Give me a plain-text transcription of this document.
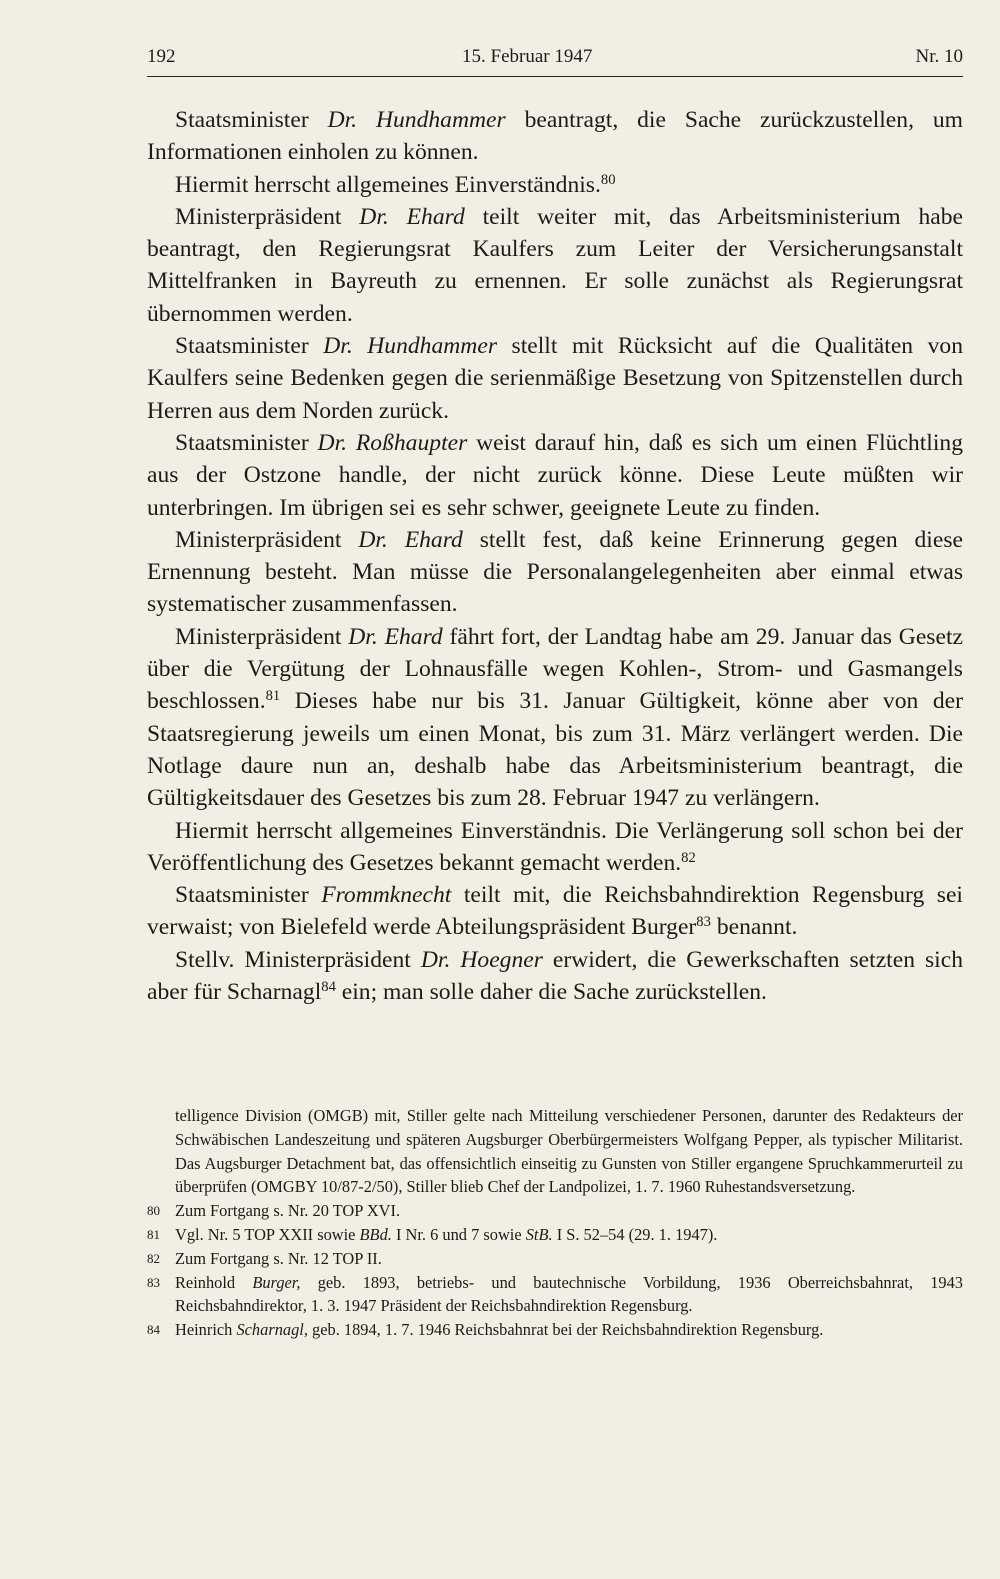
192	15. Februar 1947	Nr. 10

Staatsminister Dr. Hundhammer beantragt, die Sache zurückzustellen, um Informationen einholen zu können.

Hiermit herrscht allgemeines Einverständnis.$^{80}$

Ministerpräsident Dr. Ehard teilt weiter mit, das Arbeitsministerium habe beantragt, den Regierungsrat Kaulfers zum Leiter der Versicherungsanstalt Mittelfranken in Bayreuth zu ernennen. Er solle zunächst als Regierungsrat übernommen werden.

Staatsminister Dr. Hundhammer stellt mit Rücksicht auf die Qualitäten von Kaulfers seine Bedenken gegen die serienmäßige Besetzung von Spitzenstellen durch Herren aus dem Norden zurück.

Staatsminister Dr. Roßhaupter weist darauf hin, daß es sich um einen Flüchtling aus der Ostzone handle, der nicht zurück könne. Diese Leute müßten wir unterbringen. Im übrigen sei es sehr schwer, geeignete Leute zu finden.

Ministerpräsident Dr. Ehard stellt fest, daß keine Erinnerung gegen diese Ernennung besteht. Man müsse die Personalangelegenheiten aber einmal etwas systematischer zusammenfassen.

Ministerpräsident Dr. Ehard fährt fort, der Landtag habe am 29. Januar das Gesetz über die Vergütung der Lohnausfälle wegen Kohlen-, Strom- und Gasmangels beschlossen.$^{81}$ Dieses habe nur bis 31. Januar Gültigkeit, könne aber von der Staatsregierung jeweils um einen Monat, bis zum 31. März verlängert werden. Die Notlage daure nun an, deshalb habe das Arbeitsministerium beantragt, die Gültigkeitsdauer des Gesetzes bis zum 28. Februar 1947 zu verlängern.

Hiermit herrscht allgemeines Einverständnis. Die Verlängerung soll schon bei der Veröffentlichung des Gesetzes bekannt gemacht werden.$^{82}$

Staatsminister Frommknecht teilt mit, die Reichsbahndirektion Regensburg sei verwaist; von Bielefeld werde Abteilungspräsident Burger$^{83}$ benannt.

Stellv. Ministerpräsident Dr. Hoegner erwidert, die Gewerkschaften setzten sich aber für Scharnagl$^{84}$ ein; man solle daher die Sache zurückstellen.

telligence Division (OMGB) mit, Stiller gelte nach Mitteilung verschiedener Personen, darunter des Redakteurs der Schwäbischen Landeszeitung und späteren Augsburger Oberbürgermeisters Wolfgang Pepper, als typischer Militarist. Das Augsburger Detachment bat, das offensichtlich einseitig zu Gunsten von Stiller ergangene Spruchkammerurteil zu überprüfen (OMGBY 10/87-2/50), Stiller blieb Chef der Landpolizei, 1. 7. 1960 Ruhestandsversetzung.

80 Zum Fortgang s. Nr. 20 TOP XVI.
81 Vgl. Nr. 5 TOP XXII sowie BBd. I Nr. 6 und 7 sowie StB. I S. 52–54 (29. 1. 1947).
82 Zum Fortgang s. Nr. 12 TOP II.
83 Reinhold Burger, geb. 1893, betriebs- und bautechnische Vorbildung, 1936 Oberreichsbahnrat, 1943 Reichsbahndirektor, 1. 3. 1947 Präsident der Reichsbahndirektion Regensburg.
84 Heinrich Scharnagl, geb. 1894, 1. 7. 1946 Reichsbahnrat bei der Reichsbahndirektion Regensburg.
